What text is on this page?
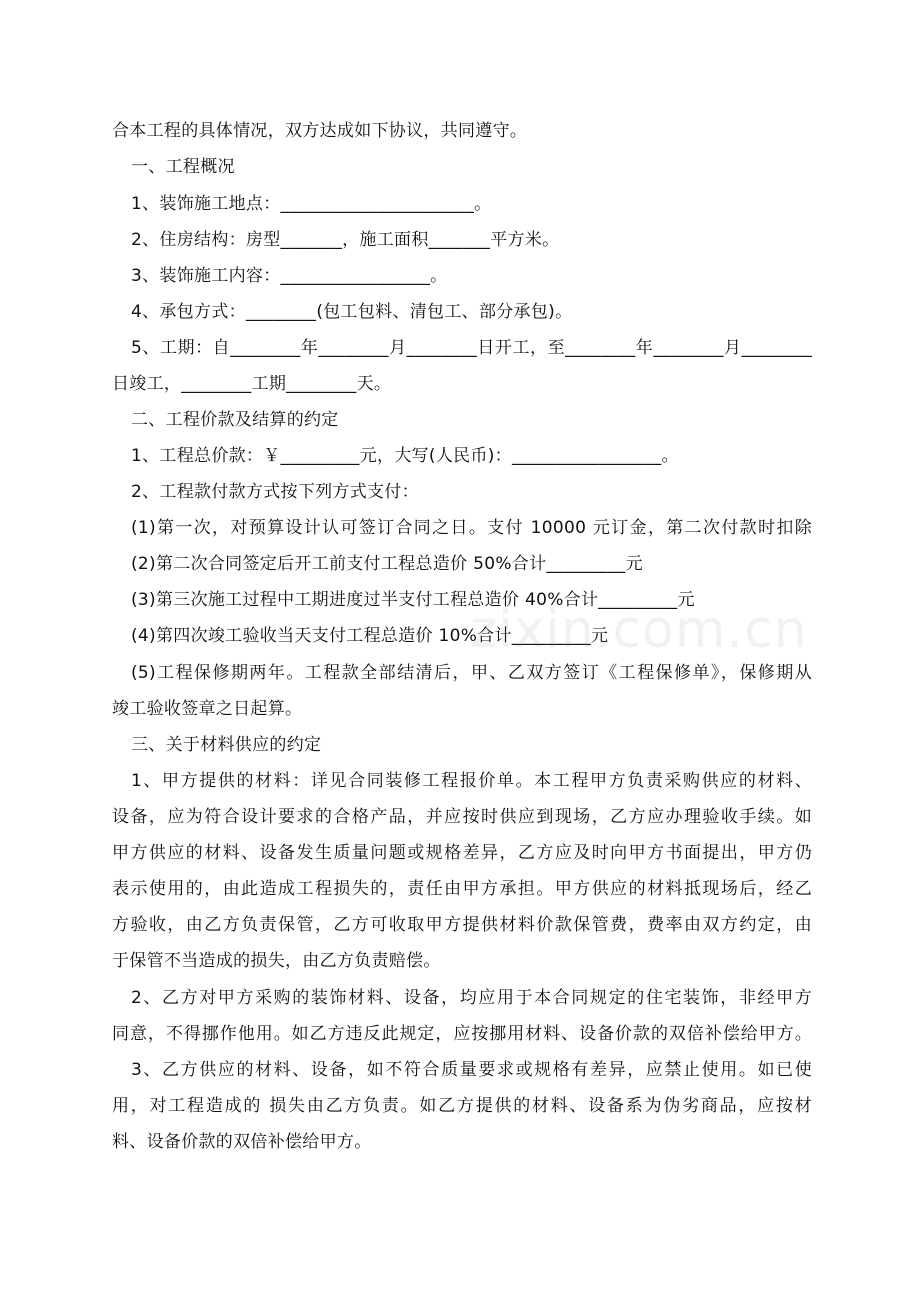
合本工程的具体情况，双方达成如下协议，共同遵守。
一、工程概况
1、装饰施工地点：______________________。
2、住房结构：房型_______，施工面积_______平方米。
3、装饰施工内容：_________________。
4、承包方式：________(包工包料、清包工、部分承包)。
5、工期：自________年________月________日开工，至________年________月________
日竣工，________工期________天。
二、工程价款及结算的约定
1、工程总价款：￥_________元，大写(人民币)：_________________。
2、工程款付款方式按下列方式支付：
(1)第一次，对预算设计认可签订合同之日。支付 10000 元订金，第二次付款时扣除
(2)第二次合同签定后开工前支付工程总造价 50%合计_________元
(3)第三次施工过程中工期进度过半支付工程总造价 40%合计_________元
(4)第四次竣工验收当天支付工程总造价 10%合计_________元
(5)工程保修期两年。工程款全部结清后，甲、乙双方签订《工程保修单》，保修期从
竣工验收签章之日起算。
三、关于材料供应的约定
1、甲方提供的材料：详见合同装修工程报价单。本工程甲方负责采购供应的材料、
设备，应为符合设计要求的合格产品，并应按时供应到现场，乙方应办理验收手续。如
甲方供应的材料、设备发生质量问题或规格差异，乙方应及时向甲方书面提出，甲方仍
表示使用的，由此造成工程损失的，责任由甲方承担。甲方供应的材料抵现场后，经乙
方验收，由乙方负责保管，乙方可收取甲方提供材料价款保管费，费率由双方约定，由
于保管不当造成的损失，由乙方负责赔偿。
2、乙方对甲方采购的装饰材料、设备，均应用于本合同规定的住宅装饰，非经甲方
同意，不得挪作他用。如乙方违反此规定，应按挪用材料、设备价款的双倍补偿给甲方。
3、乙方供应的材料、设备，如不符合质量要求或规格有差异，应禁止使用。如已使
用，对工程造成的 损失由乙方负责。如乙方提供的材料、设备系为伪劣商品，应按材
料、设备价款的双倍补偿给甲方。
zixin.com.cn
